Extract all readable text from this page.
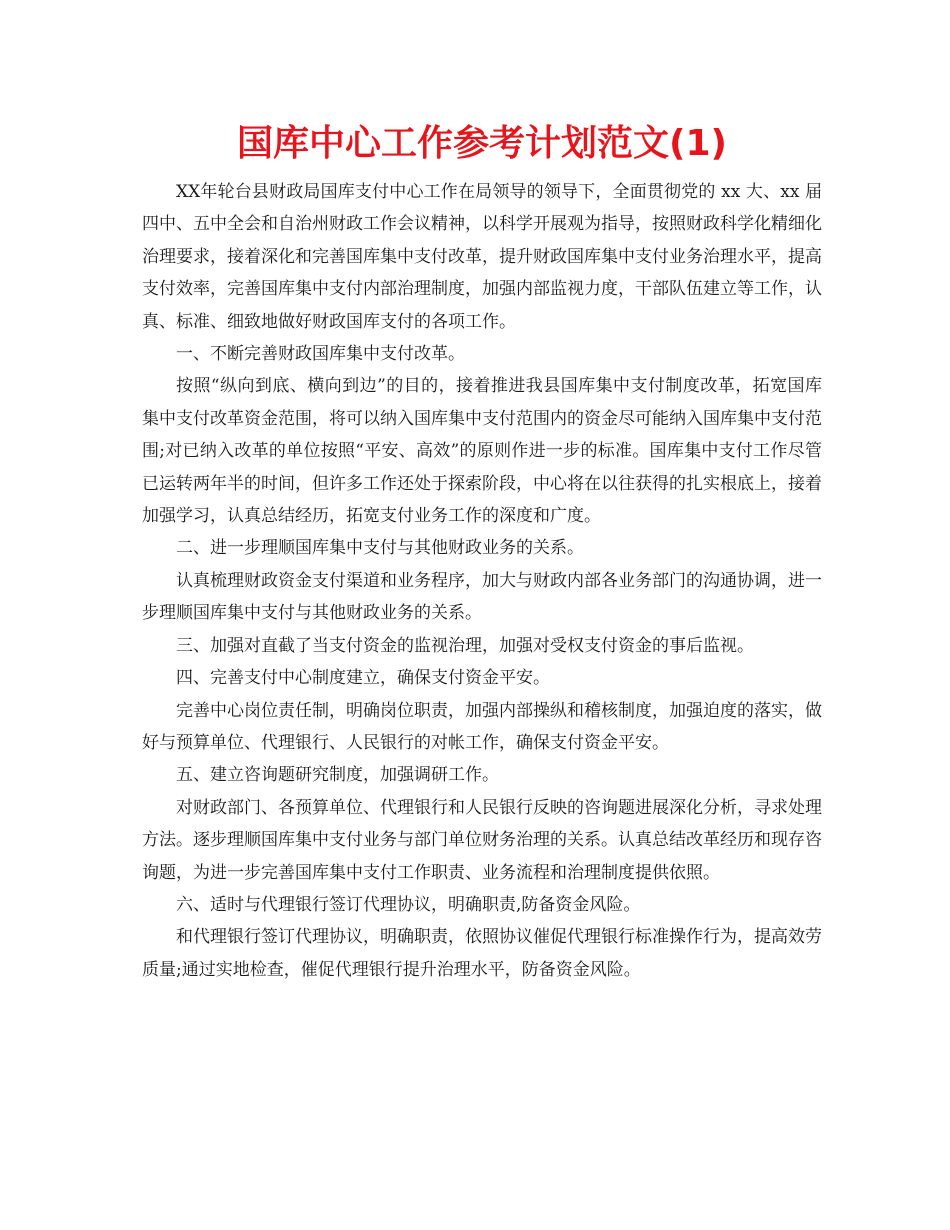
国库中心工作参考计划范文(1)

XX年轮台县财政局国库支付中心工作在局领导的领导下，全面贯彻党的 xx 大、xx 届四中、五中全会和自治州财政工作会议精神，以科学开展观为指导，按照财政科学化精细化治理要求，接着深化和完善国库集中支付改革，提升财政国库集中支付业务治理水平，提高支付效率，完善国库集中支付内部治理制度，加强内部监视力度，干部队伍建立等工作，认真、标准、细致地做好财政国库支付的各项工作。

一、不断完善财政国库集中支付改革。

按照“纵向到底、横向到边”的目的，接着推进我县国库集中支付制度改革，拓宽国库集中支付改革资金范围，将可以纳入国库集中支付范围内的资金尽可能纳入国库集中支付范围;对已纳入改革的单位按照“平安、高效”的原则作进一步的标准。国库集中支付工作尽管已运转两年半的时间，但许多工作还处于探索阶段，中心将在以往获得的扎实根底上，接着加强学习，认真总结经历，拓宽支付业务工作的深度和广度。

二、进一步理顺国库集中支付与其他财政业务的关系。

认真梳理财政资金支付渠道和业务程序，加大与财政内部各业务部门的沟通协调，进一步理顺国库集中支付与其他财政业务的关系。

三、加强对直截了当支付资金的监视治理，加强对受权支付资金的事后监视。

四、完善支付中心制度建立，确保支付资金平安。

完善中心岗位责任制，明确岗位职责，加强内部操纵和稽核制度，加强迫度的落实，做好与预算单位、代理银行、人民银行的对帐工作，确保支付资金平安。

五、建立咨询题研究制度，加强调研工作。

对财政部门、各预算单位、代理银行和人民银行反映的咨询题进展深化分析，寻求处理方法。逐步理顺国库集中支付业务与部门单位财务治理的关系。认真总结改革经历和现存咨询题，为进一步完善国库集中支付工作职责、业务流程和治理制度提供依照。

六、适时与代理银行签订代理协议，明确职责,防备资金风险。

和代理银行签订代理协议，明确职责，依照协议催促代理银行标准操作行为，提高效劳质量;通过实地检查，催促代理银行提升治理水平，防备资金风险。
